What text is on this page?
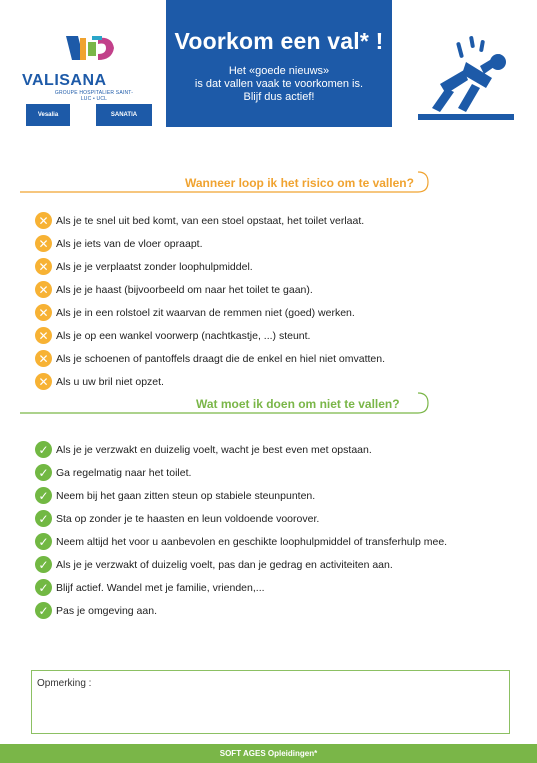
VALISANA
GROUPE HOSPITALIER SAINT-LUC • UCL
Vesalia	SANATIA
Voorkom een val* !
Het «goede nieuws»
is dat vallen vaak te voorkomen is.
Blijf dus actief!
Wanneer loop ik het risico om te vallen?
✕ Als je te snel uit bed komt, van een stoel opstaat, het toilet verlaat.
✕ Als je iets van de vloer opraapt.
✕ Als je je verplaatst zonder loophulpmiddel.
✕ Als je je haast (bijvoorbeeld om naar het toilet te gaan).
✕ Als je in een rolstoel zit waarvan de remmen niet (goed) werken.
✕ Als je op een wankel voorwerp (nachtkastje, ...) steunt.
✕ Als je schoenen of pantoffels draagt die de enkel en hiel niet omvatten.
✕ Als u uw bril niet opzet.
Wat moet ik doen om niet te vallen?
✓ Als je je verzwakt en duizelig voelt, wacht je best even met opstaan.
✓ Ga regelmatig naar het toilet.
✓ Neem bij het gaan zitten steun op stabiele steunpunten.
✓ Sta op zonder je te haasten en leun voldoende voorover.
✓ Neem altijd het voor u aanbevolen en geschikte loophulpmiddel of transferhulp mee.
✓ Als je je verzwakt of duizelig voelt, pas dan je gedrag en activiteiten aan.
✓ Blijf actief. Wandel met je familie, vrienden,...
✓ Pas je omgeving aan.
Opmerking :
SOFT AGES Opleidingen*
